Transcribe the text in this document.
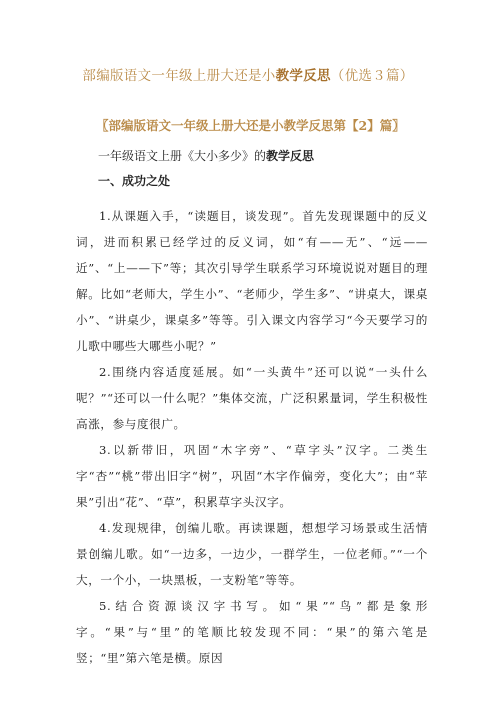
部编版语文一年级上册大还是小教学反思（优选３篇）
〖部编版语文一年级上册大还是小教学反思第【2】篇〗
一年级语文上册《大小多少》的教学反思
一、成功之处

1.从课题入手，“读题目，谈发现”。首先发现课题中的反义词，进而积累已经学过的反义词，如“有——无”、“远——近”、“上——下”等；其次引导学生联系学习环境说说对题目的理解。比如“老师大，学生小”、“老师少，学生多”、“讲桌大，课桌小”、“讲桌少，课桌多”等等。引入课文内容学习“今天要学习的儿歌中哪些大哪些小呢？”

2.围绕内容适度延展。如“一头黄牛”还可以说“一头什么呢？”“还可以一什么呢？”集体交流，广泛积累量词，学生积极性高涨，参与度很广。

3.以新带旧，巩固“木字旁”、“草字头”汉字。二类生字“杏”“桃”带出旧字“树”，巩固“木字作偏旁，变化大”；由“苹果”引出“花”、“草”，积累草字头汉字。

4.发现规律，创编儿歌。再读课题，想想学习场景或生活情景创编儿歌。如“一边多，一边少，一群学生，一位老师。”“一个大，一个小，一块黑板，一支粉笔”等等。

5.结合资源谈汉字书写。如“果”“鸟”都是象形字。“果”与“里”的笔顺比较发现不同：“果”的第六笔是竖；“里”第六笔是横。原因
